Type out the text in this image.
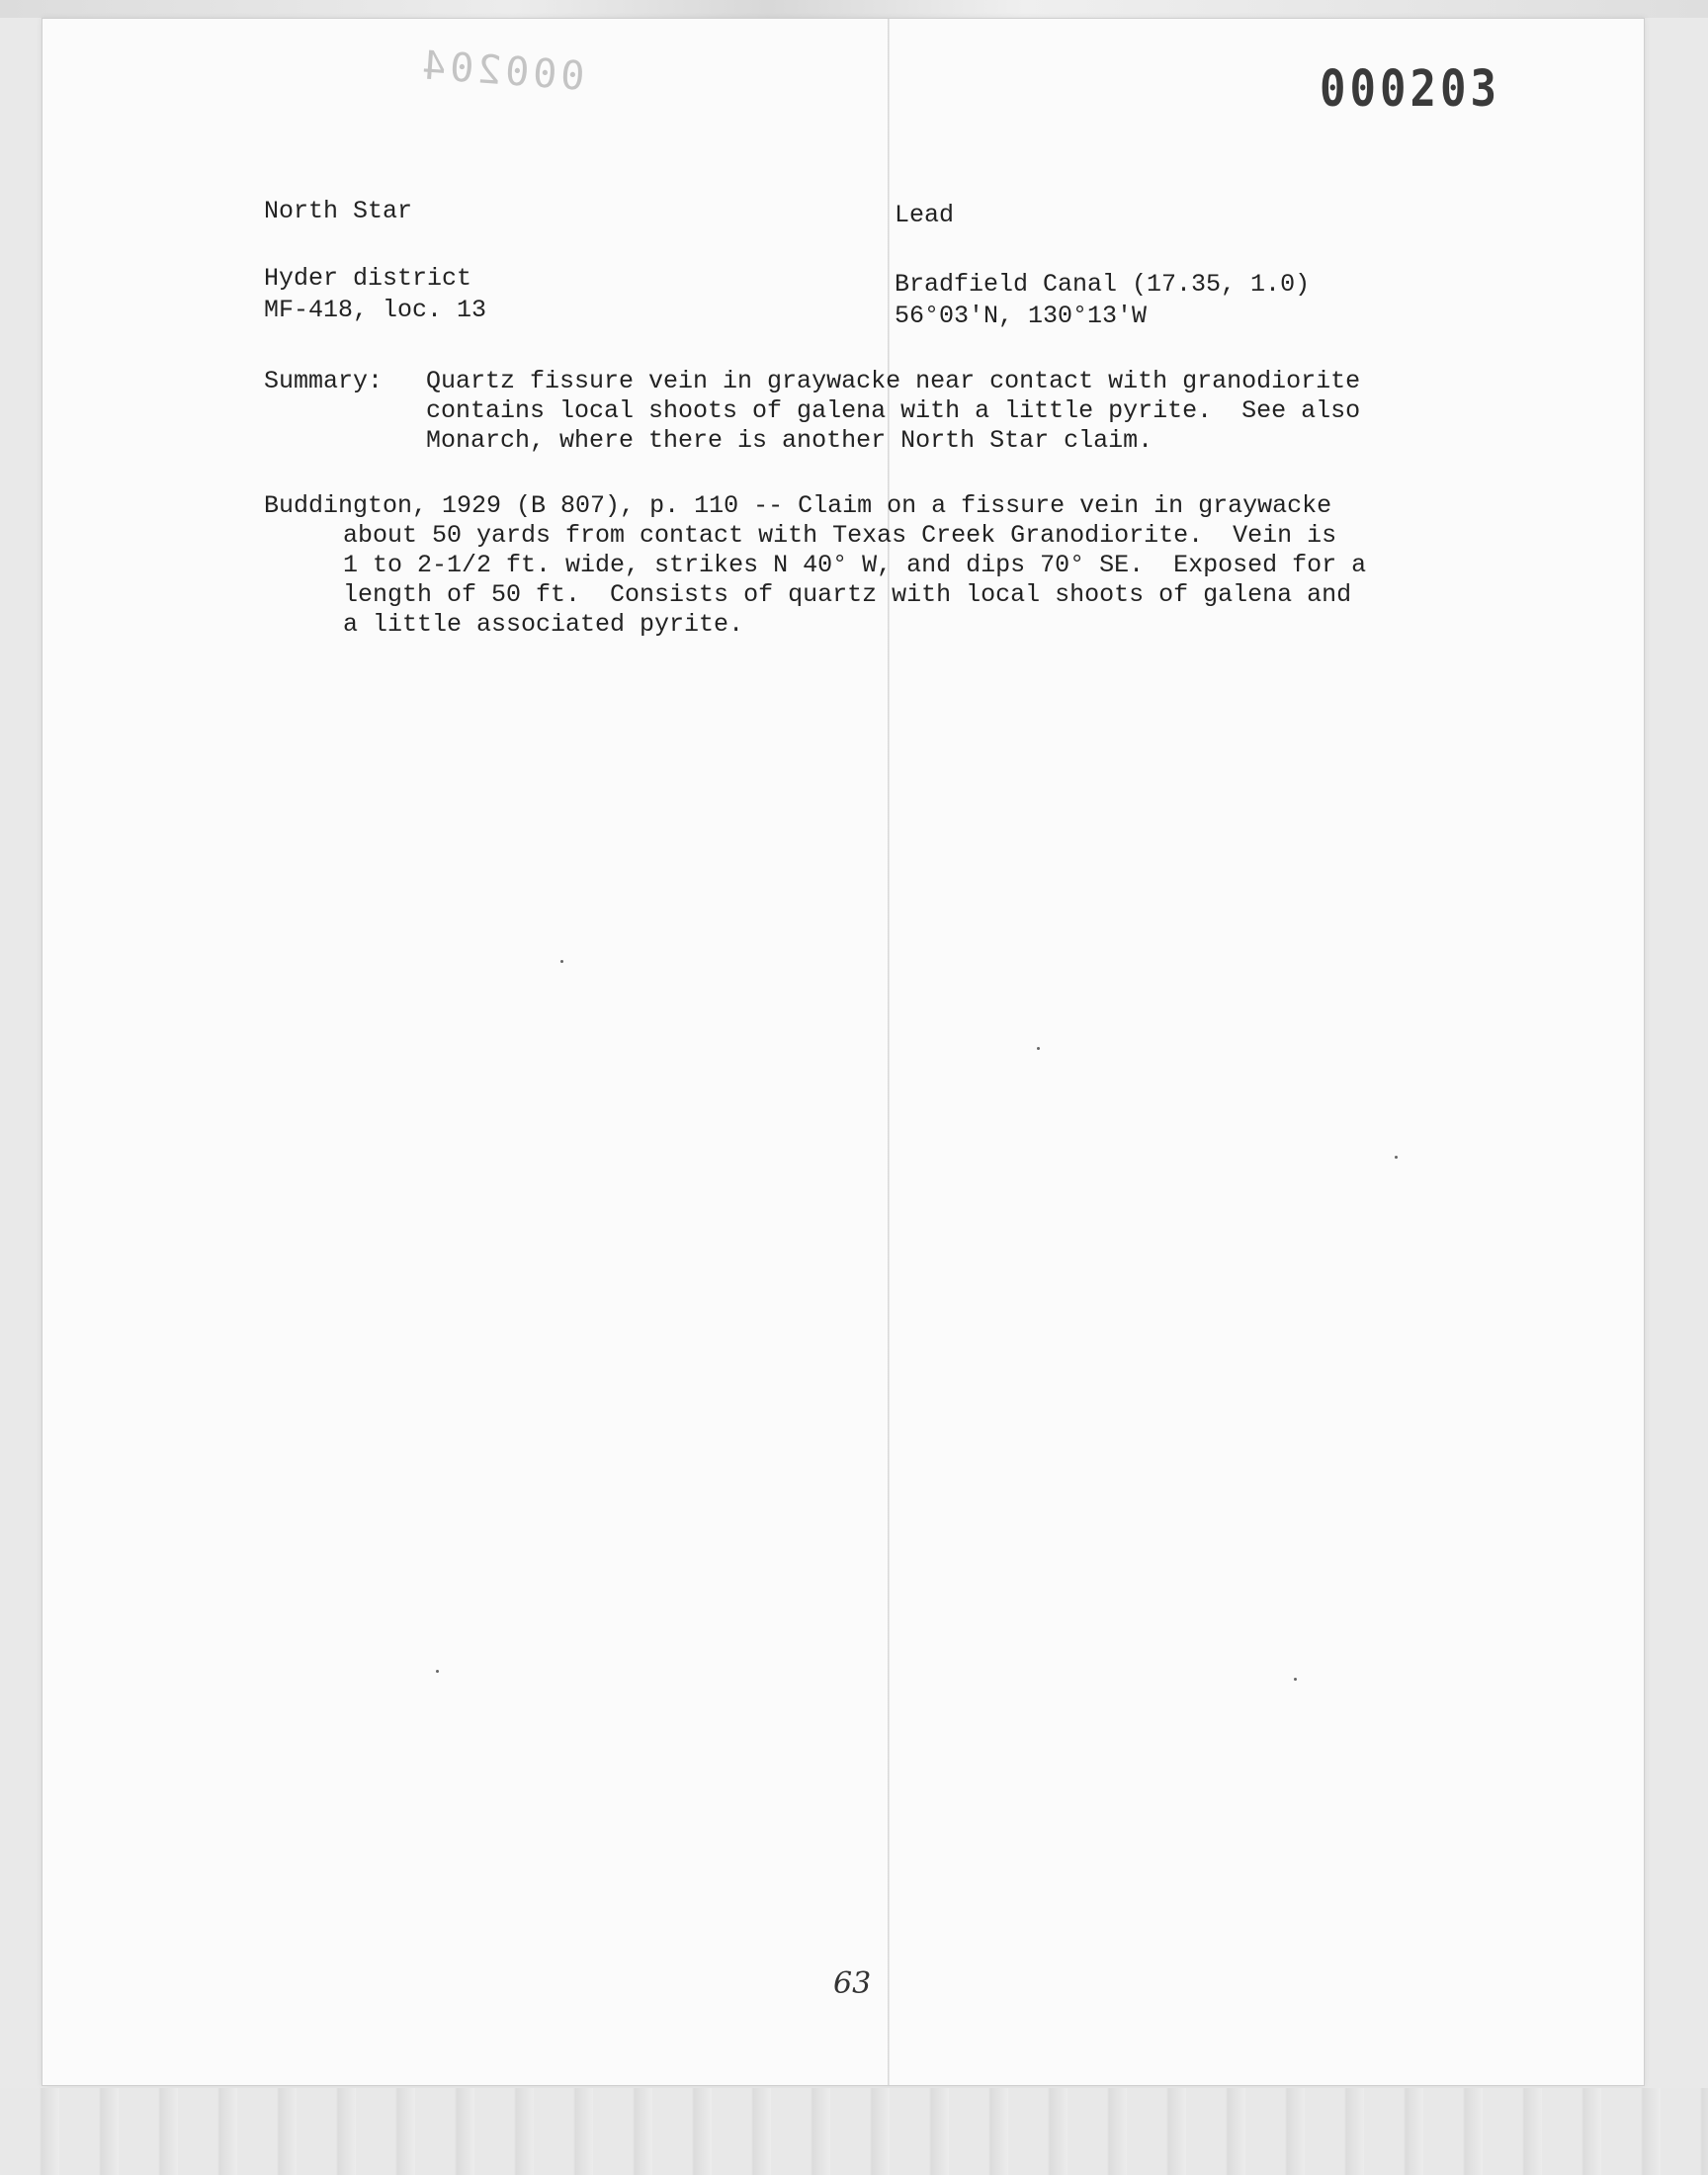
000204	000203
North Star
Hyder district
MF-418, loc. 13
Lead
Bradfield Canal (17.35, 1.0)
56°03'N, 130°13'W
Summary: Quartz fissure vein in graywacke near contact with granodiorite
contains local shoots of galena with a little pyrite.  See also
Monarch, where there is another North Star claim.
Buddington, 1929 (B 807), p. 110 -- Claim on a fissure vein in graywacke
about 50 yards from contact with Texas Creek Granodiorite.  Vein is
1 to 2-1/2 ft. wide, strikes N 40° W, and dips 70° SE.  Exposed for a
length of 50 ft.  Consists of quartz with local shoots of galena and
a little associated pyrite.
63
